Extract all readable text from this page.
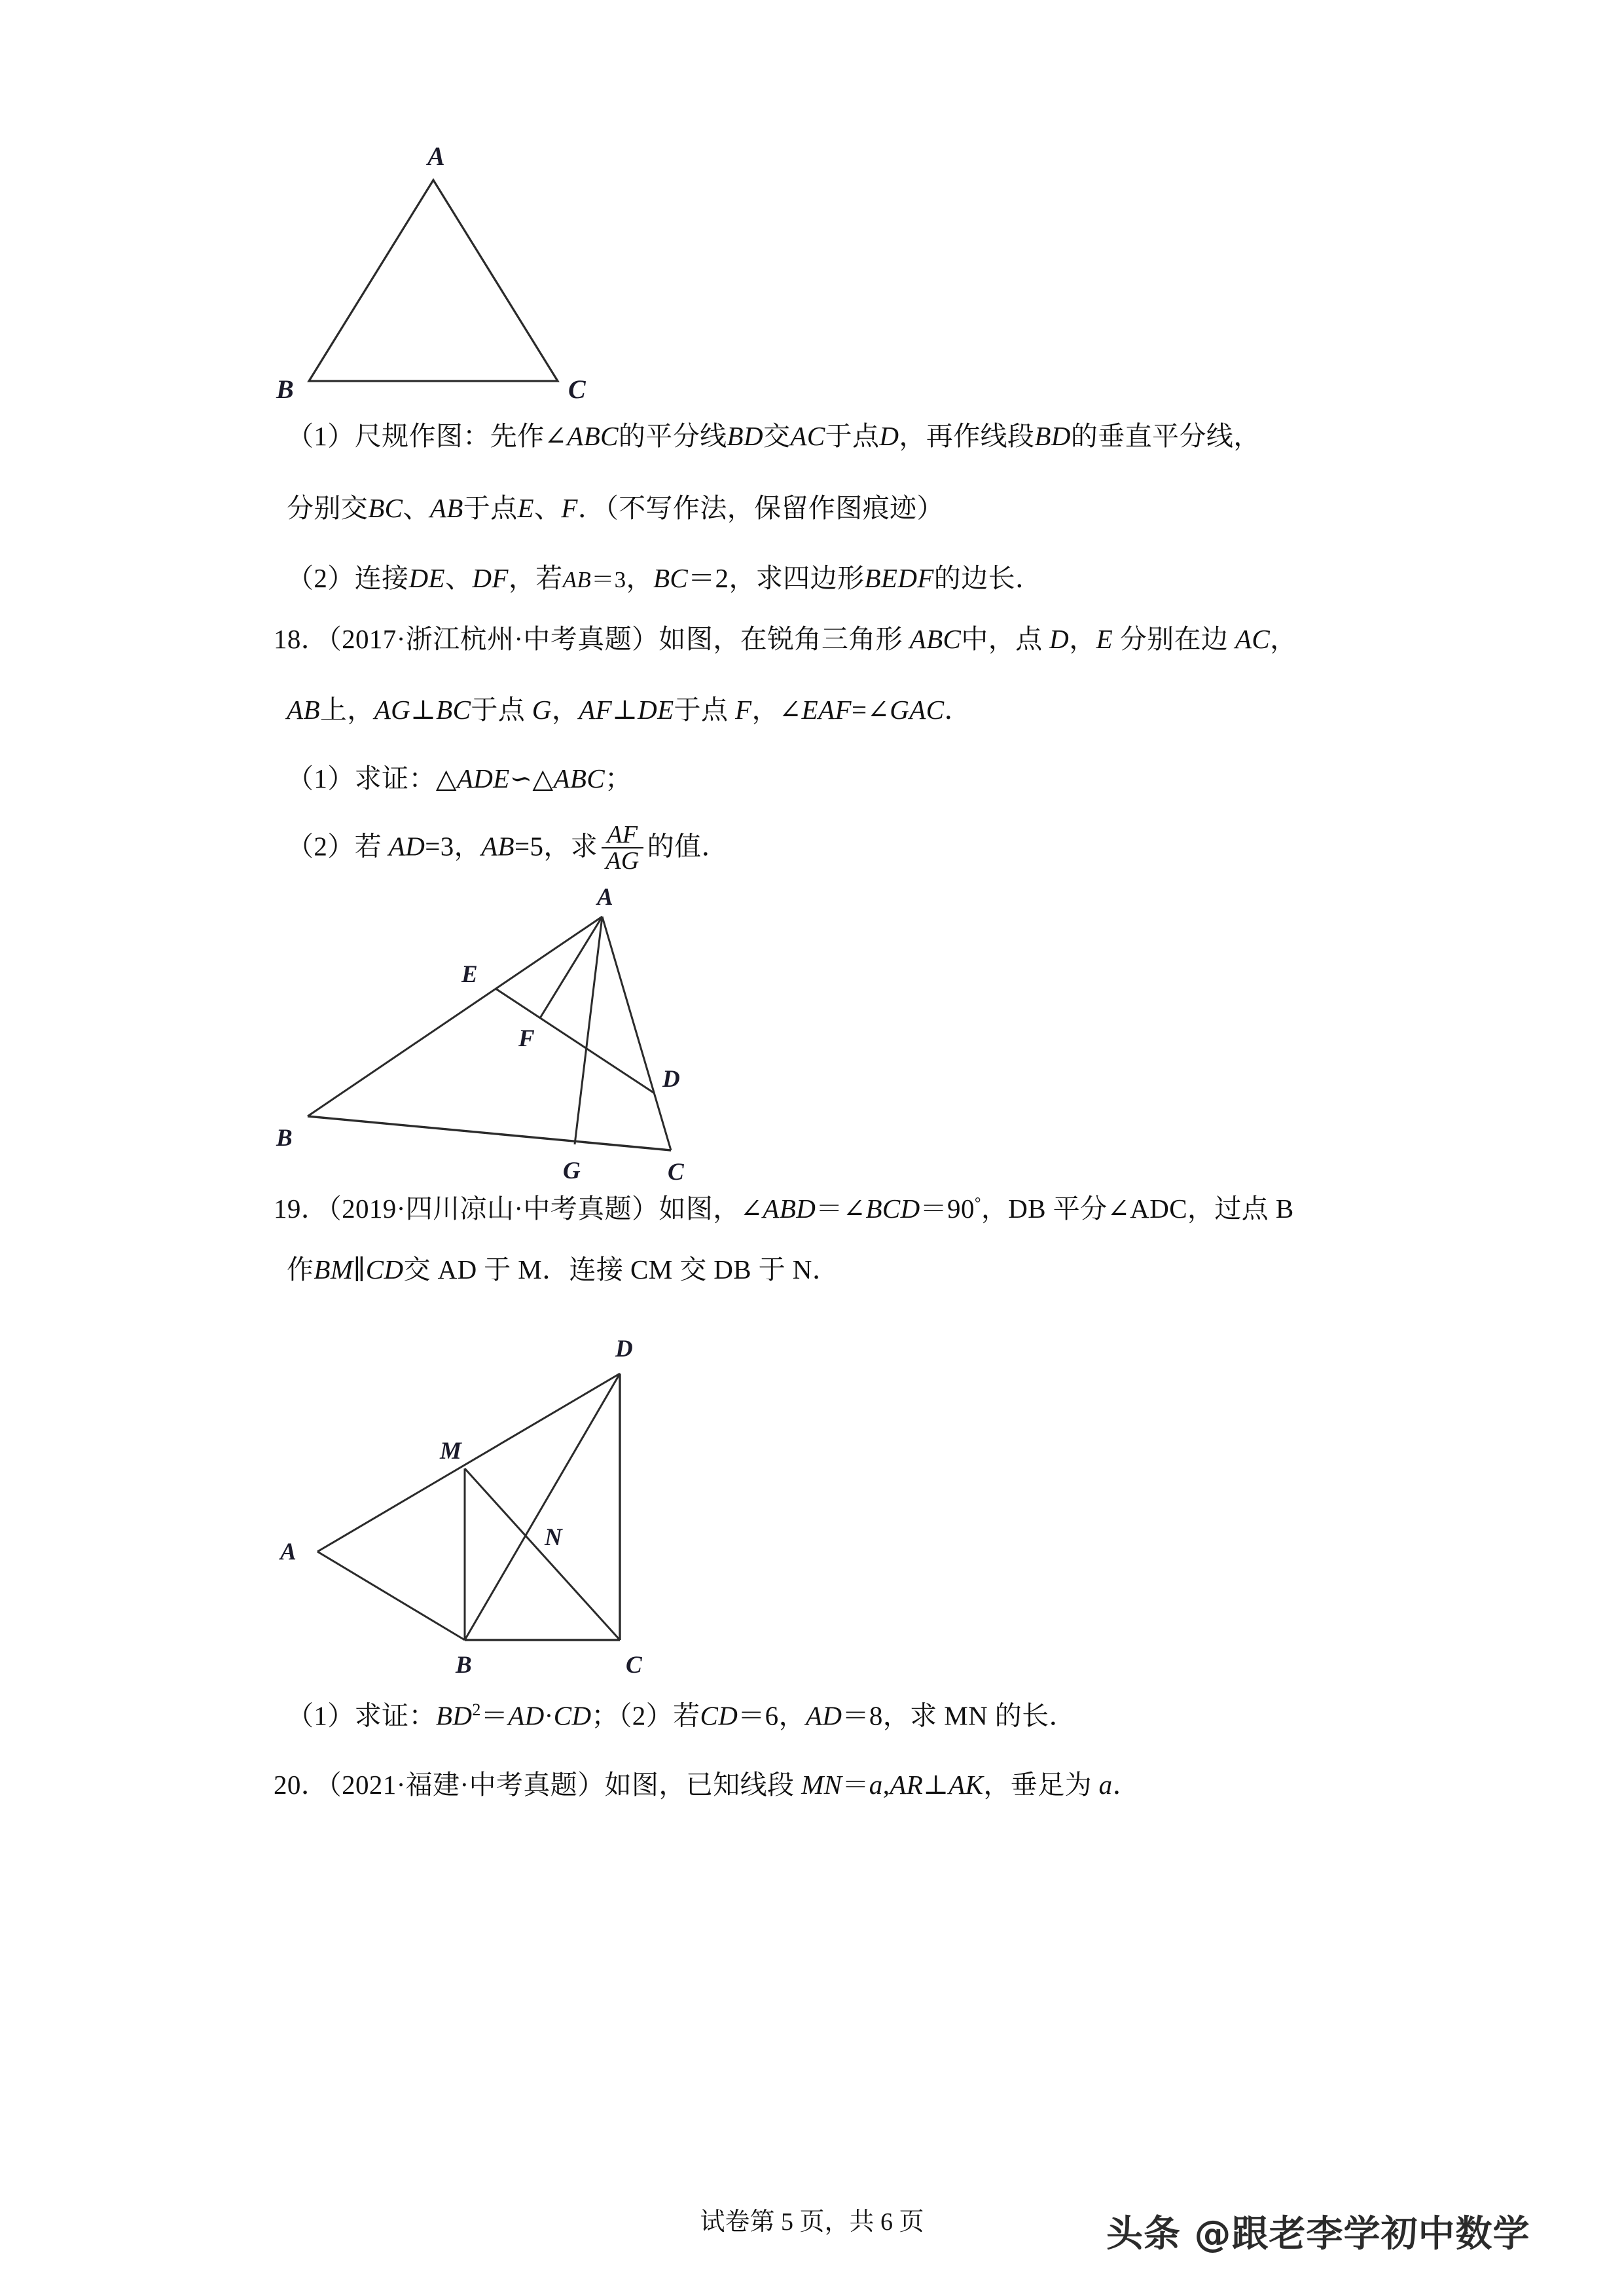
A
B	C

（1）尺规作图：先作∠ABC的平分线BD交AC于点D，再作线段BD的垂直平分线，

分别交BC、AB于点E、F．（不写作法，保留作图痕迹）

（2）连接DE、DF，若AB＝3，BC＝2，求四边形BEDF的边长．

18．（2017·浙江杭州·中考真题）如图，在锐角三角形 ABC中，点 D，E 分别在边 AC，

AB上，AG⊥BC于点 G，AF⊥DE于点 F，∠EAF=∠GAC．

（1）求证：△ADE∽△ABC；

（2）若 AD=3，AB=5，求 $\frac{AF}{AG}$ 的值．

A
B
C
D
E
F
G

19．（2019·四川凉山·中考真题）如图，∠ABD＝∠BCD＝90°，DB 平分∠ADC，过点 B

作BM∥CD交 AD 于 M．连接 CM 交 DB 于 N．

A
B	C
D
M
N

（1）求证：$BD^2=AD\cdot CD$；（2）若CD＝6，AD＝8，求 MN 的长．

20．（2021·福建·中考真题）如图，已知线段 MN＝a,AR⊥AK，垂足为 a．

试卷第 5 页，共 6 页	头条 @跟老李学初中数学
